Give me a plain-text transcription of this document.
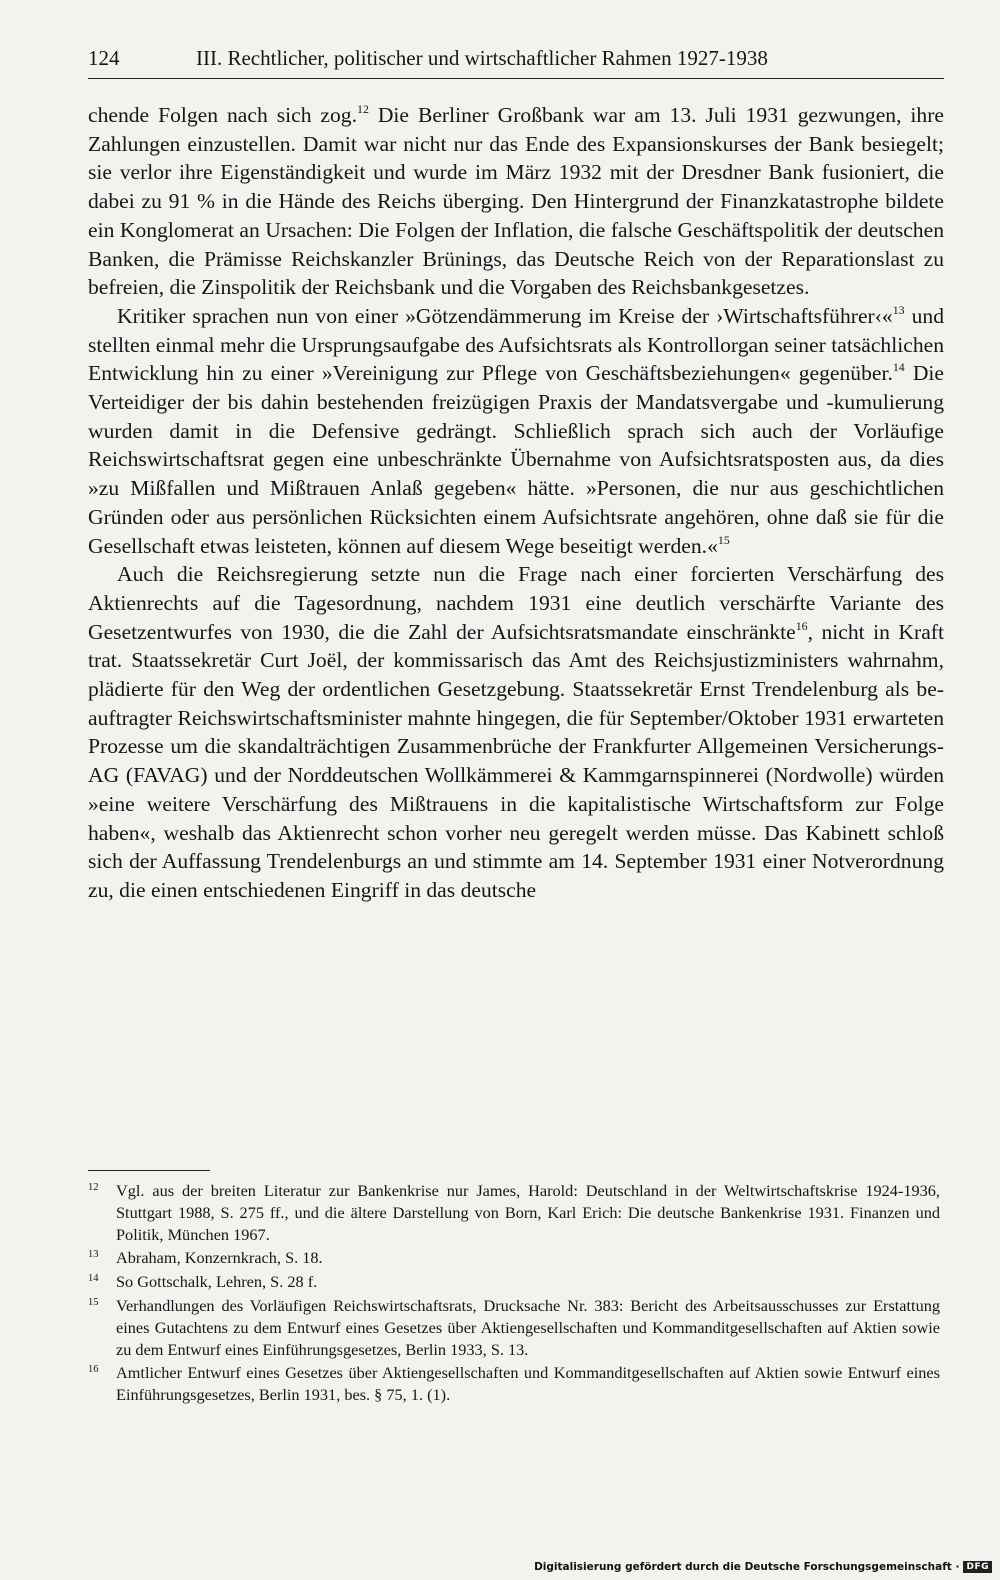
124	III. Rechtlicher, politischer und wirtschaftlicher Rahmen 1927-1938

chende Folgen nach sich zog.$^{12}$ Die Berliner Großbank war am 13. Juli 1931 gezwungen, ihre Zahlungen einzustellen. Damit war nicht nur das Ende des Expansionskurses der Bank besiegelt; sie verlor ihre Eigenständigkeit und wurde im März 1932 mit der Dresdner Bank fusioniert, die dabei zu 91 % in die Hände des Reichs überging. Den Hintergrund der Finanzkatastrophe bildete ein Konglomerat an Ursachen: Die Folgen der Inflation, die falsche Geschäftspolitik der deutschen Banken, die Prämisse Reichskanzler Brünings, das Deutsche Reich von der Reparationslast zu befreien, die Zinspolitik der Reichsbank und die Vorgaben des Reichsbankgesetzes.

Kritiker sprachen nun von einer »Götzendämmerung im Kreise der ›Wirtschaftsführer‹«$^{13}$ und stellten einmal mehr die Ursprungsaufgabe des Aufsichtsrats als Kontrollorgan seiner tatsächlichen Entwicklung hin zu einer »Vereinigung zur Pflege von Geschäftsbeziehungen« gegenüber.$^{14}$ Die Verteidiger der bis dahin bestehenden freizügigen Praxis der Mandatsvergabe und -kumulierung wurden damit in die Defensive gedrängt. Schließlich sprach sich auch der Vorläufige Reichswirtschaftsrat gegen eine unbeschränkte Übernahme von Aufsichtsratsposten aus, da dies »zu Mißfallen und Mißtrauen Anlaß gegeben« hätte. »Personen, die nur aus geschichtlichen Gründen oder aus persönlichen Rücksichten einem Aufsichtsrate angehören, ohne daß sie für die Gesellschaft etwas leisteten, können auf diesem Wege beseitigt werden.«$^{15}$

Auch die Reichsregierung setzte nun die Frage nach einer forcierten Verschärfung des Aktienrechts auf die Tagesordnung, nachdem 1931 eine deutlich verschärfte Variante des Gesetzentwurfes von 1930, die die Zahl der Aufsichtsratsmandate einschränkte$^{16}$, nicht in Kraft trat. Staatssekretär Curt Joël, der kommissarisch das Amt des Reichsjustizministers wahrnahm, plädierte für den Weg der ordentlichen Gesetzgebung. Staatssekretär Ernst Trendelenburg als beauftragter Reichswirtschaftsminister mahnte hingegen, die für September/Oktober 1931 erwarteten Prozesse um die skandalträchtigen Zusammenbrüche der Frankfurter Allgemeinen Versicherungs-AG (FAVAG) und der Norddeutschen Wollkämmerei & Kammgarnspinnerei (Nordwolle) würden »eine weitere Verschärfung des Mißtrauens in die kapitalistische Wirtschaftsform zur Folge haben«, weshalb das Aktienrecht schon vorher neu geregelt werden müsse. Das Kabinett schloß sich der Auffassung Trendelenburgs an und stimmte am 14. September 1931 einer Notverordnung zu, die einen entschiedenen Eingriff in das deutsche

12 Vgl. aus der breiten Literatur zur Bankenkrise nur James, Harold: Deutschland in der Weltwirtschaftskrise 1924-1936, Stuttgart 1988, S. 275 ff., und die ältere Darstellung von Born, Karl Erich: Die deutsche Bankenkrise 1931. Finanzen und Politik, München 1967.
13 Abraham, Konzernkrach, S. 18.
14 So Gottschalk, Lehren, S. 28 f.
15 Verhandlungen des Vorläufigen Reichswirtschaftsrats, Drucksache Nr. 383: Bericht des Arbeitsausschusses zur Erstattung eines Gutachtens zu dem Entwurf eines Gesetzes über Aktiengesellschaften und Kommanditgesellschaften auf Aktien sowie zu dem Entwurf eines Einführungsgesetzes, Berlin 1933, S. 13.
16 Amtlicher Entwurf eines Gesetzes über Aktiengesellschaften und Kommanditgesellschaften auf Aktien sowie Entwurf eines Einführungsgesetzes, Berlin 1931, bes. § 75, 1. (1).
Digitalisierung gefördert durch die Deutsche Forschungsgemeinschaft · DFG
